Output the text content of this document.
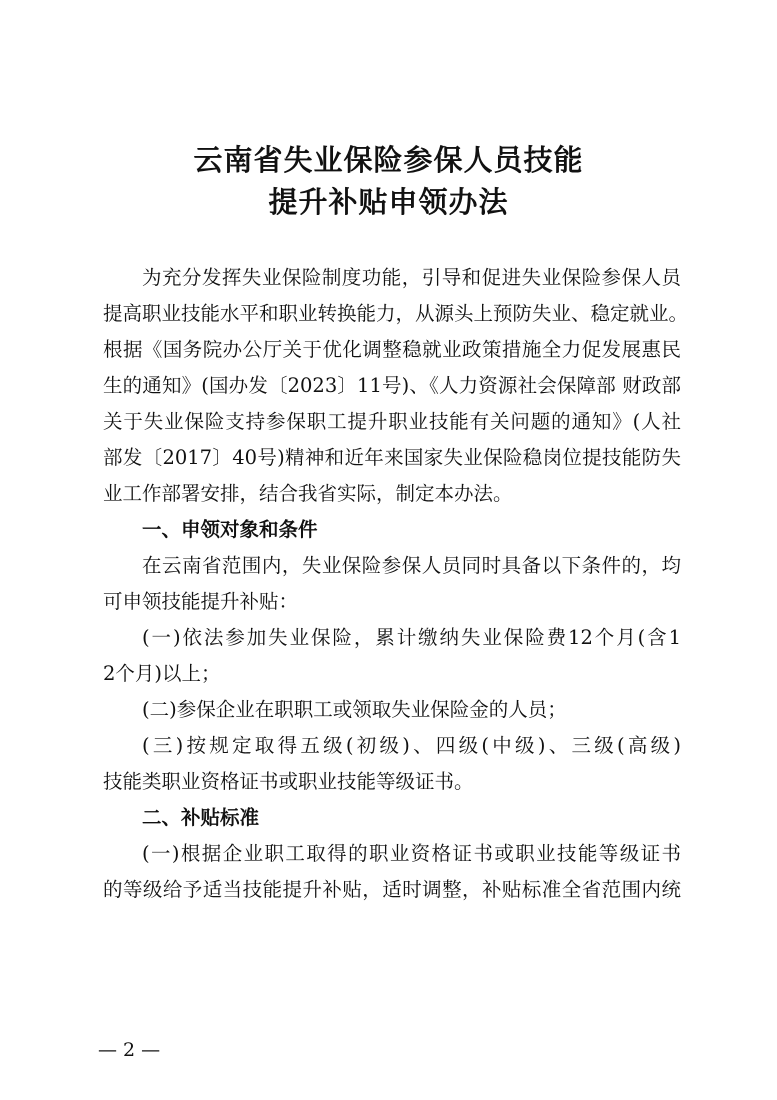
云南省失业保险参保人员技能
提升补贴申领办法
为充分发挥失业保险制度功能，引导和促进失业保险参保人员
提高职业技能水平和职业转换能力，从源头上预防失业、稳定就业。
根据《国务院办公厅关于优化调整稳就业政策措施全力促发展惠民
生的通知》(国办发〔2023〕11号)、《人力资源社会保障部 财政部
关于失业保险支持参保职工提升职业技能有关问题的通知》(人社
部发〔2017〕40号)精神和近年来国家失业保险稳岗位提技能防失
业工作部署安排，结合我省实际，制定本办法。
一、申领对象和条件
在云南省范围内，失业保险参保人员同时具备以下条件的，均
可申领技能提升补贴：
(一)依法参加失业保险，累计缴纳失业保险费12个月(含1
2个月)以上；
(二)参保企业在职职工或领取失业保险金的人员；
(三)按规定取得五级(初级)、四级(中级)、三级(高级)
技能类职业资格证书或职业技能等级证书。
二、补贴标准
(一)根据企业职工取得的职业资格证书或职业技能等级证书
的等级给予适当技能提升补贴，适时调整，补贴标准全省范围内统
— 2 —
